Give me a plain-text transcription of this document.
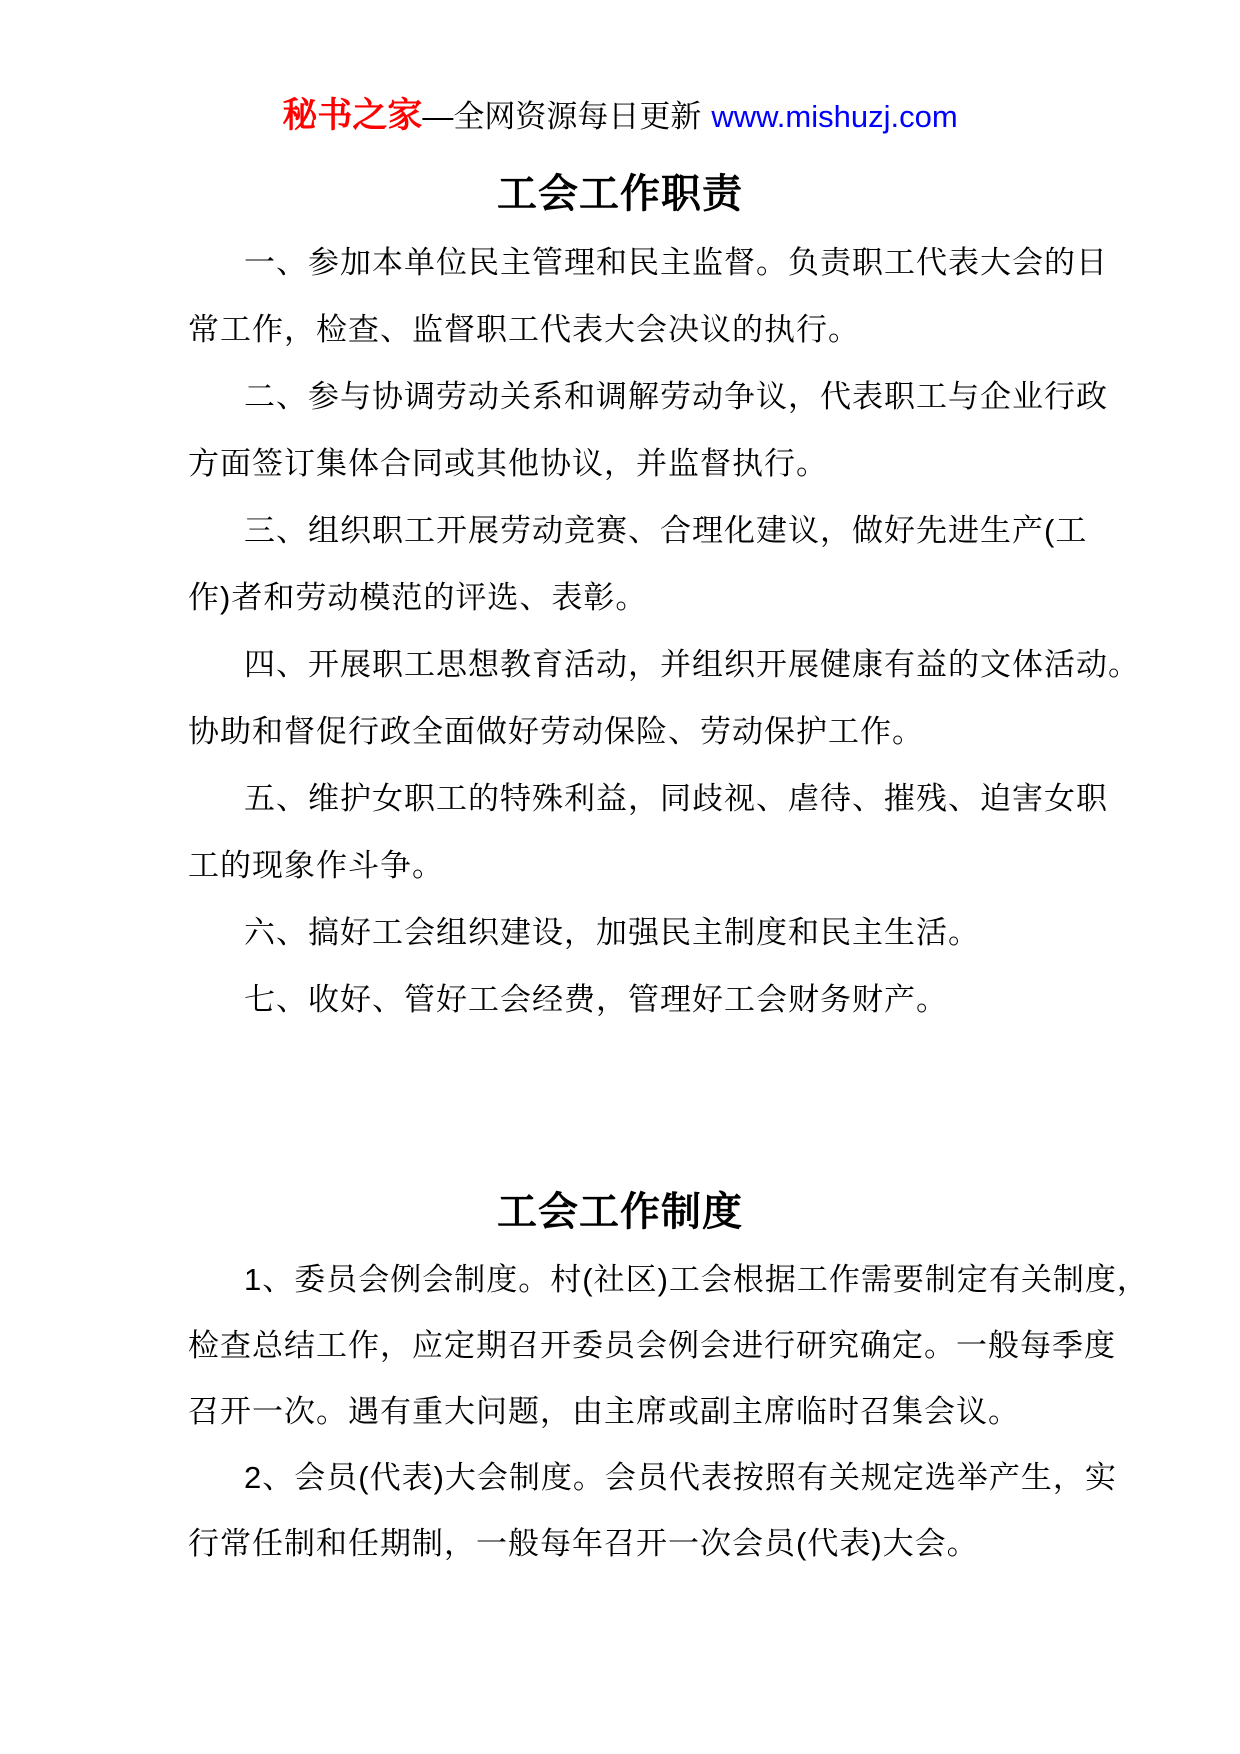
秘书之家—全网资源每日更新 www.mishuzj.com
工会工作职责
一、参加本单位民主管理和民主监督。负责职工代表大会的日
常工作，检查、监督职工代表大会决议的执行。
二、参与协调劳动关系和调解劳动争议，代表职工与企业行政
方面签订集体合同或其他协议，并监督执行。
三、组织职工开展劳动竞赛、合理化建议，做好先进生产(工
作)者和劳动模范的评选、表彰。
四、开展职工思想教育活动，并组织开展健康有益的文体活动。
协助和督促行政全面做好劳动保险、劳动保护工作。
五、维护女职工的特殊利益，同歧视、虐待、摧残、迫害女职
工的现象作斗争。
六、搞好工会组织建设，加强民主制度和民主生活。
七、收好、管好工会经费，管理好工会财务财产。
工会工作制度
1、委员会例会制度。村(社区)工会根据工作需要制定有关制度，
检查总结工作，应定期召开委员会例会进行研究确定。一般每季度
召开一次。遇有重大问题，由主席或副主席临时召集会议。
2、会员(代表)大会制度。会员代表按照有关规定选举产生，实
行常任制和任期制，一般每年召开一次会员(代表)大会。
